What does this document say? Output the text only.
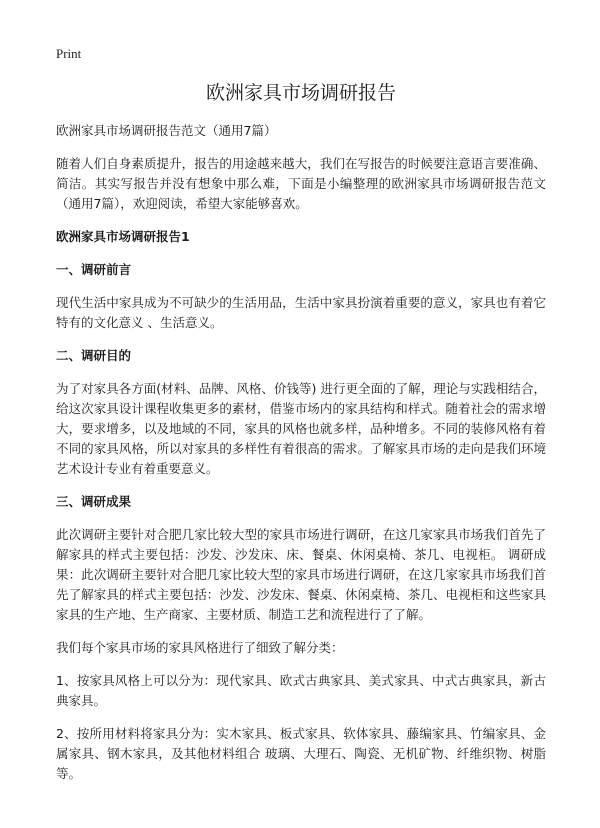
Print
欧洲家具市场调研报告
欧洲家具市场调研报告范文（通用7篇）

随着人们自身素质提升，报告的用途越来越大，我们在写报告的时候要注意语言要准确、简洁。其实写报告并没有想象中那么难，下面是小编整理的欧洲家具市场调研报告范文（通用7篇），欢迎阅读，希望大家能够喜欢。

欧洲家具市场调研报告1
一、调研前言

现代生活中家具成为不可缺少的生活用品，生活中家具扮演着重要的意义，家具也有着它特有的文化意义 、生活意义。

二、调研目的

为了对家具各方面(材料、品牌、风格、价钱等) 进行更全面的了解，理论与实践相结合，给这次家具设计课程收集更多的素材，借鉴市场内的家具结构和样式。随着社会的需求增大，要求增多，以及地域的不同，家具的风格也就多样，品种增多。不同的装修风格有着不同的家具风格，所以对家具的多样性有着很高的需求。了解家具市场的走向是我们环境艺术设计专业有着重要意义。

三、调研成果

此次调研主要针对合肥几家比较大型的家具市场进行调研，在这几家家具市场我们首先了解家具的样式主要包括：沙发、沙发床、床、餐桌、休闲桌椅、茶几、电视柜。 调研成果：此次调研主要针对合肥几家比较大型的家具市场进行调研，在这几家家具市场我们首先了解家具的样式主要包括：沙发、沙发床、餐桌、休闲桌椅、茶几、电视柜和这些家具家具的生产地、生产商家、主要材质、制造工艺和流程进行了了解。

我们每个家具市场的家具风格进行了细致了解分类：

1、按家具风格上可以分为：现代家具、欧式古典家具、美式家具、中式古典家具，新古典家具。

2、按所用材料将家具分为：实木家具、板式家具、软体家具、藤编家具、竹编家具、金属家具、钢木家具，及其他材料组合 玻璃、大理石、陶瓷、无机矿物、纤维织物、树脂等。
